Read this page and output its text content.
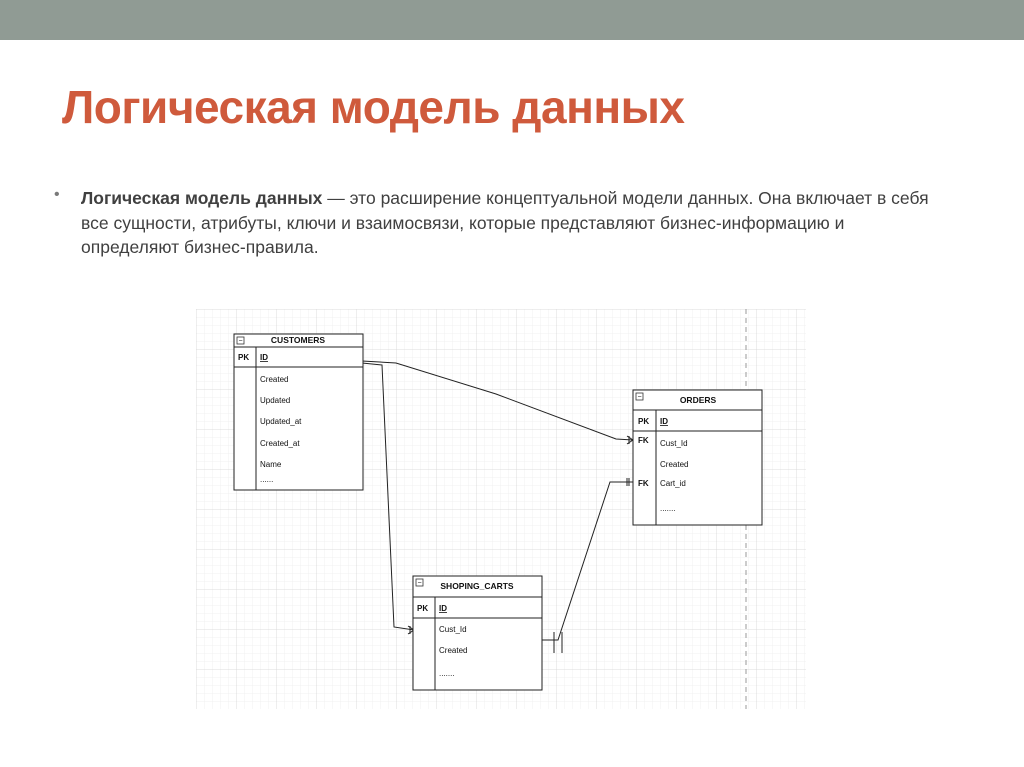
Логическая модель данных
• Логическая модель данных — это расширение концептуальной модели данных. Она включает в себя все сущности, атрибуты, ключи и взаимосвязи, которые представляют бизнес-информацию и определяют бизнес-правила.
−	CUSTOMERS
PK ID
Created
Updated
Updated_at
Created_at
Name
......
−	ORDERS
PK ID
FK Cust_Id
Created
FK Cart_id
.......
− SHOPING_CARTS
PK ID
Cust_Id
Created
.......
